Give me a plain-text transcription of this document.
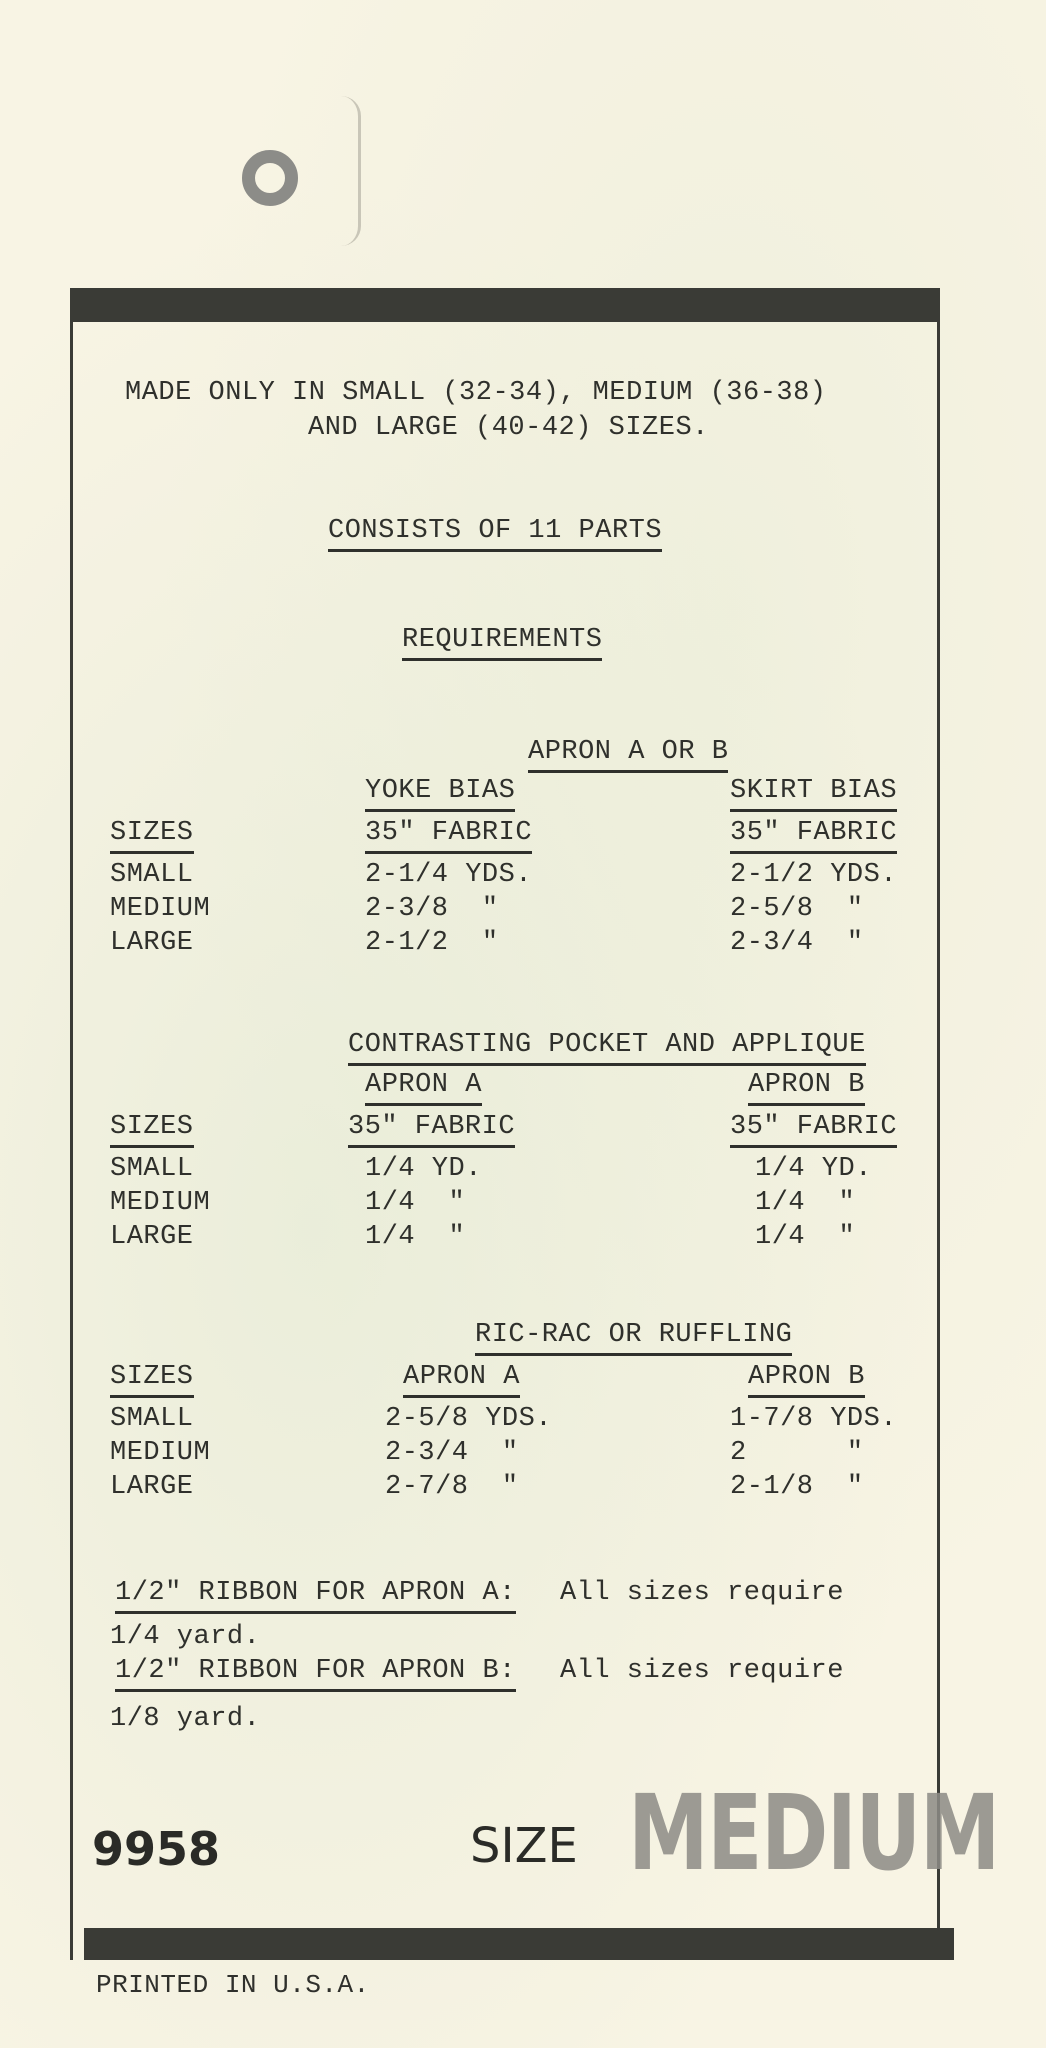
MADE ONLY IN SMALL (32-34), MEDIUM (36-38)
AND LARGE (40-42) SIZES.
CONSISTS OF 11 PARTS
REQUIREMENTS
APRON A OR B
YOKE BIAS	SKIRT BIAS
SIZES	35" FABRIC	35" FABRIC
SMALL	2-1/4 YDS.	2-1/2 YDS.
MEDIUM	2-3/8  "	2-5/8  "
LARGE	2-1/2  "	2-3/4  "
CONTRASTING POCKET AND APPLIQUE
APRON A	APRON B
SIZES	35" FABRIC	35" FABRIC
SMALL	1/4 YD.	1/4 YD.
MEDIUM	1/4  "	1/4  "
LARGE	1/4  "	1/4  "
RIC-RAC OR RUFFLING
SIZES	APRON A	APRON B
SMALL	2-5/8 YDS.	1-7/8 YDS.
MEDIUM	2-3/4  "	2      "
LARGE	2-7/8  "	2-1/8  "
1/2" RIBBON FOR APRON A: All sizes require
1/4 yard.
1/2" RIBBON FOR APRON B: All sizes require
1/8 yard.
9958	SIZE MEDIUM
PRINTED IN U.S.A.
